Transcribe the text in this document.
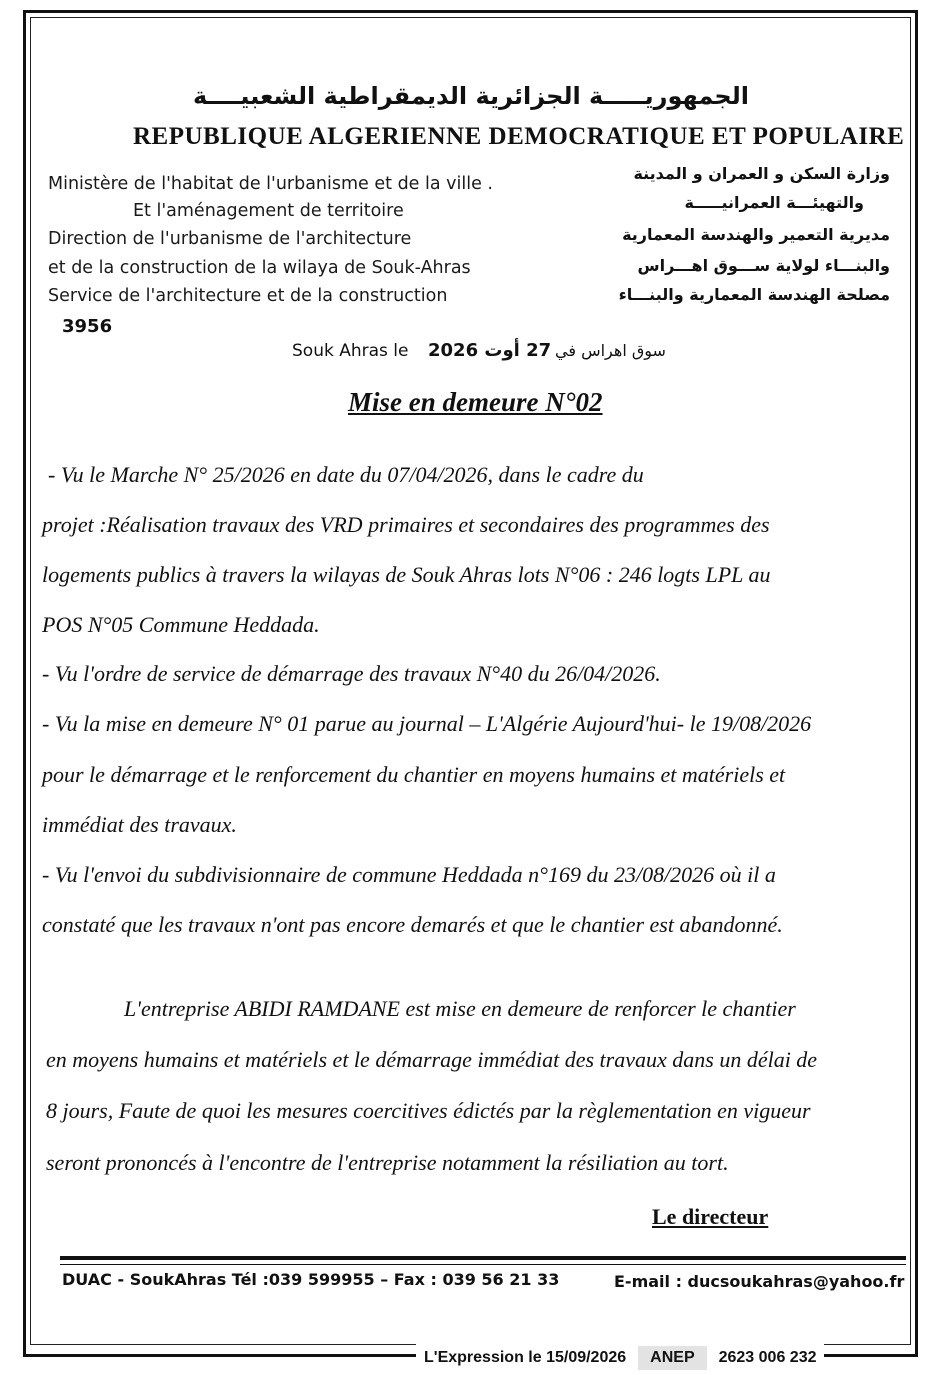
الجمهوريـــــة الجزائرية الديمقراطية الشعبيــــة
REPUBLIQUE ALGERIENNE DEMOCRATIQUE ET POPULAIRE
Ministère de l'habitat de l'urbanisme et de la ville .
Et l'aménagement de territoire
Direction de l'urbanisme de l'architecture
et de la construction de la wilaya de Souk-Ahras
Service de l'architecture et de la construction
وزارة السكن و العمران و المدينة
والتهيئـــة العمرانيـــــة
مديرية التعمير والهندسة المعمارية
والبنـــاء لولاية ســـوق اهـــراس
مصلحة الهندسة المعمارية والبنـــاء
3956
Souk Ahras le 27 أوت 2026 سوق اهراس في
Mise en demeure N°02
- Vu le Marche N° 25/2026 en date du 07/04/2026, dans le cadre du
projet :Réalisation travaux des VRD primaires et secondaires des programmes des
logements publics à travers la wilayas de Souk Ahras lots N°06 : 246 logts LPL au
POS N°05 Commune Heddada.
- Vu l'ordre de service de démarrage des travaux N°40 du 26/04/2026.
- Vu la mise en demeure N° 01 parue au journal – L'Algérie Aujourd'hui- le 19/08/2026
pour le démarrage et le renforcement du chantier en moyens humains et matériels et
immédiat des travaux.
- Vu l'envoi du subdivisionnaire de commune Heddada n°169 du 23/08/2026 où il a
constaté que les travaux n'ont pas encore demarés et que le chantier est abandonné.
L'entreprise ABIDI RAMDANE est mise en demeure de renforcer le chantier
en moyens humains et matériels et le démarrage immédiat des travaux dans un délai de
8 jours, Faute de quoi les mesures coercitives édictés par la règlementation en vigueur
seront prononcés à l'encontre de l'entreprise notamment la résiliation au tort.
Le directeur
DUAC - SoukAhras Tél :039 599955 – Fax : 039 56 21 33	E-mail : ducsoukahras@yahoo.fr
L'Expression le 15/09/2026	ANEP	2623 006 232
